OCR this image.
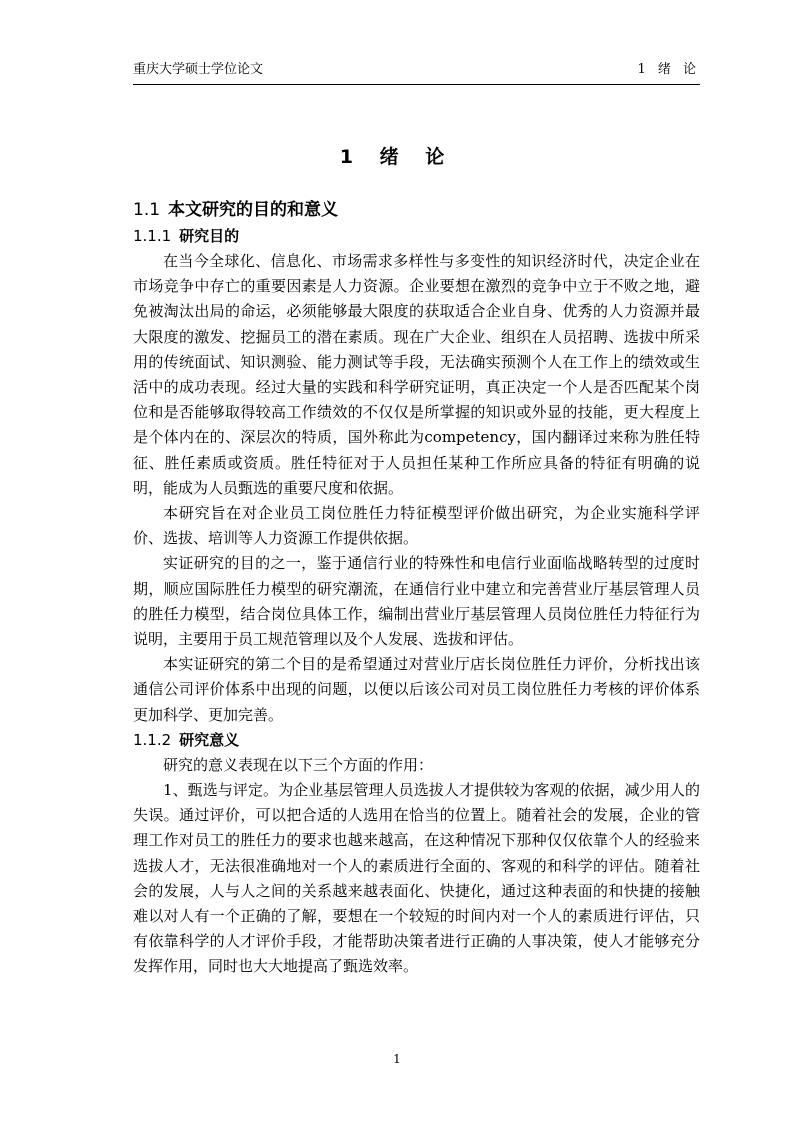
重庆大学硕士学位论文	1 绪 论
1 绪 论
1.1 本文研究的目的和意义
1.1.1 研究目的

在当今全球化、信息化、市场需求多样性与多变性的知识经济时代，决定企业在市场竞争中存亡的重要因素是人力资源。企业要想在激烈的竞争中立于不败之地，避免被淘汰出局的命运，必须能够最大限度的获取适合企业自身、优秀的人力资源并最大限度的激发、挖掘员工的潜在素质。现在广大企业、组织在人员招聘、选拔中所采用的传统面试、知识测验、能力测试等手段，无法确实预测个人在工作上的绩效或生活中的成功表现。经过大量的实践和科学研究证明，真正决定一个人是否匹配某个岗位和是否能够取得较高工作绩效的不仅仅是所掌握的知识或外显的技能，更大程度上是个体内在的、深层次的特质，国外称此为competency，国内翻译过来称为胜任特征、胜任素质或资质。胜任特征对于人员担任某种工作所应具备的特征有明确的说明，能成为人员甄选的重要尺度和依据。

本研究旨在对企业员工岗位胜任力特征模型评价做出研究，为企业实施科学评价、选拔、培训等人力资源工作提供依据。

实证研究的目的之一，鉴于通信行业的特殊性和电信行业面临战略转型的过度时期，顺应国际胜任力模型的研究潮流，在通信行业中建立和完善营业厅基层管理人员的胜任力模型，结合岗位具体工作，编制出营业厅基层管理人员岗位胜任力特征行为说明，主要用于员工规范管理以及个人发展、选拔和评估。

本实证研究的第二个目的是希望通过对营业厅店长岗位胜任力评价，分析找出该通信公司评价体系中出现的问题，以便以后该公司对员工岗位胜任力考核的评价体系更加科学、更加完善。

1.1.2 研究意义

研究的意义表现在以下三个方面的作用：

1、甄选与评定。为企业基层管理人员选拔人才提供较为客观的依据，减少用人的失误。通过评价，可以把合适的人选用在恰当的位置上。随着社会的发展，企业的管理工作对员工的胜任力的要求也越来越高，在这种情况下那种仅仅依靠个人的经验来选拔人才，无法很准确地对一个人的素质进行全面的、客观的和科学的评估。随着社会的发展，人与人之间的关系越来越表面化、快捷化，通过这种表面的和快捷的接触难以对人有一个正确的了解，要想在一个较短的时间内对一个人的素质进行评估，只有依靠科学的人才评价手段，才能帮助决策者进行正确的人事决策，使人才能够充分发挥作用，同时也大大地提高了甄选效率。

1
